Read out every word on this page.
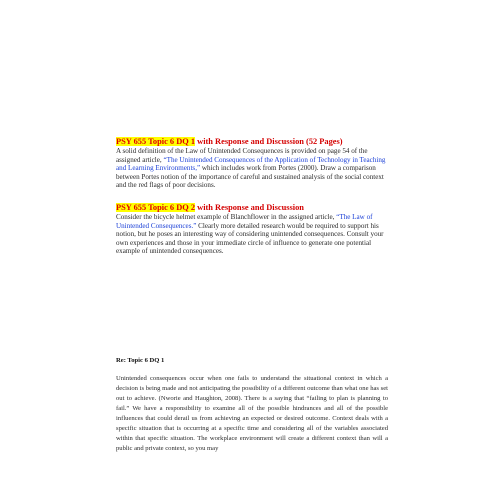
PSY 655 Topic 6 DQ 1 with Response and Discussion (52 Pages)
A solid definition of the Law of Unintended Consequences is provided on page 54 of the assigned article, “The Unintended Consequences of the Application of Technology in Teaching and Learning Environments,” which includes work from Portes (2000). Draw a comparison between Portes notion of the importance of careful and sustained analysis of the social context and the red flags of poor decisions.
PSY 655 Topic 6 DQ 2 with Response and Discussion
Consider the bicycle helmet example of Blanchflower in the assigned article, “The Law of Unintended Consequences.” Clearly more detailed research would be required to support his notion, but he poses an interesting way of considering unintended consequences. Consult your own experiences and those in your immediate circle of influence to generate one potential example of unintended consequences.
Re: Topic 6 DQ 1
Unintended consequences occur when one fails to understand the situational context in which a decision is being made and not anticipating the possibility of a different outcome than what one has set out to achieve. (Nworie and Haughton, 2008). There is a saying that “failing to plan is planning to fail.” We have a responsibility to examine all of the possible hindrances and all of the possible influences that could derail us from achieving an expected or desired outcome. Context deals with a specific situation that is occurring at a specific time and considering all of the variables associated within that specific situation. The workplace environment will create a different context than will a public and private context, so you may
